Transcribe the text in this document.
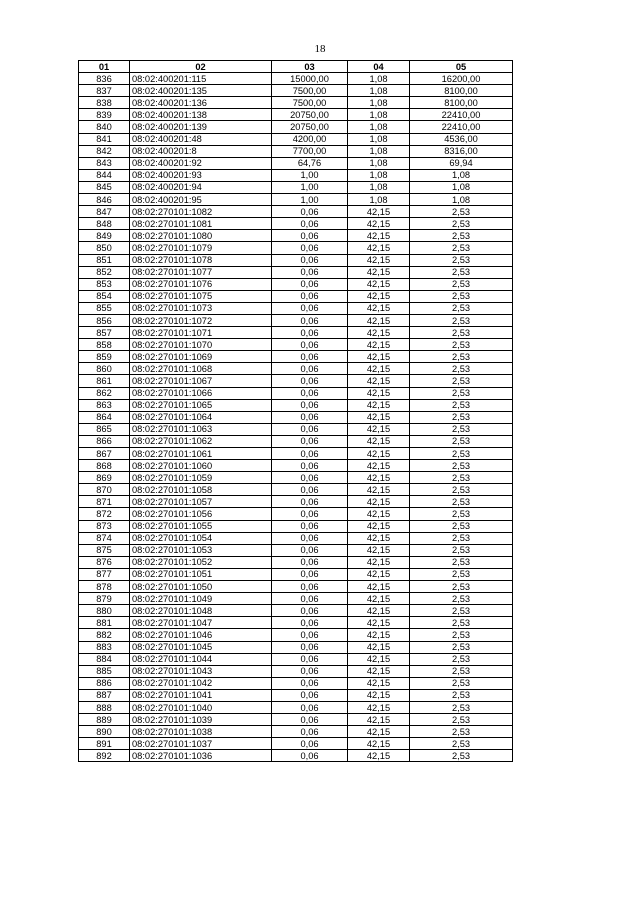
18
01	02	03	04	05
836	08:02:400201:115	15000,00	1,08	16200,00
837	08:02:400201:135	7500,00	1,08	8100,00
838	08:02:400201:136	7500,00	1,08	8100,00
839	08:02:400201:138	20750,00	1,08	22410,00
840	08:02:400201:139	20750,00	1,08	22410,00
841	08:02:400201:48	4200,00	1,08	4536,00
842	08:02:400201:8	7700,00	1,08	8316,00
843	08:02:400201:92	64,76	1,08	69,94
844	08:02:400201:93	1,00	1,08	1,08
845	08:02:400201:94	1,00	1,08	1,08
846	08:02:400201:95	1,00	1,08	1,08
847	08:02:270101:1082	0,06	42,15	2,53
848	08:02:270101:1081	0,06	42,15	2,53
849	08:02:270101:1080	0,06	42,15	2,53
850	08:02:270101:1079	0,06	42,15	2,53
851	08:02:270101:1078	0,06	42,15	2,53
852	08:02:270101:1077	0,06	42,15	2,53
853	08:02:270101:1076	0,06	42,15	2,53
854	08:02:270101:1075	0,06	42,15	2,53
855	08:02:270101:1073	0,06	42,15	2,53
856	08:02:270101:1072	0,06	42,15	2,53
857	08:02:270101:1071	0,06	42,15	2,53
858	08:02:270101:1070	0,06	42,15	2,53
859	08:02:270101:1069	0,06	42,15	2,53
860	08:02:270101:1068	0,06	42,15	2,53
861	08:02:270101:1067	0,06	42,15	2,53
862	08:02:270101:1066	0,06	42,15	2,53
863	08:02:270101:1065	0,06	42,15	2,53
864	08:02:270101:1064	0,06	42,15	2,53
865	08:02:270101:1063	0,06	42,15	2,53
866	08:02:270101:1062	0,06	42,15	2,53
867	08:02:270101:1061	0,06	42,15	2,53
868	08:02:270101:1060	0,06	42,15	2,53
869	08:02:270101:1059	0,06	42,15	2,53
870	08:02:270101:1058	0,06	42,15	2,53
871	08:02:270101:1057	0,06	42,15	2,53
872	08:02:270101:1056	0,06	42,15	2,53
873	08:02:270101:1055	0,06	42,15	2,53
874	08:02:270101:1054	0,06	42,15	2,53
875	08:02:270101:1053	0,06	42,15	2,53
876	08:02:270101:1052	0,06	42,15	2,53
877	08:02:270101:1051	0,06	42,15	2,53
878	08:02:270101:1050	0,06	42,15	2,53
879	08:02:270101:1049	0,06	42,15	2,53
880	08:02:270101:1048	0,06	42,15	2,53
881	08:02:270101:1047	0,06	42,15	2,53
882	08:02:270101:1046	0,06	42,15	2,53
883	08:02:270101:1045	0,06	42,15	2,53
884	08:02:270101:1044	0,06	42,15	2,53
885	08:02:270101:1043	0,06	42,15	2,53
886	08:02:270101:1042	0,06	42,15	2,53
887	08:02:270101:1041	0,06	42,15	2,53
888	08:02:270101:1040	0,06	42,15	2,53
889	08:02:270101:1039	0,06	42,15	2,53
890	08:02:270101:1038	0,06	42,15	2,53
891	08:02:270101:1037	0,06	42,15	2,53
892	08:02:270101:1036	0,06	42,15	2,53
